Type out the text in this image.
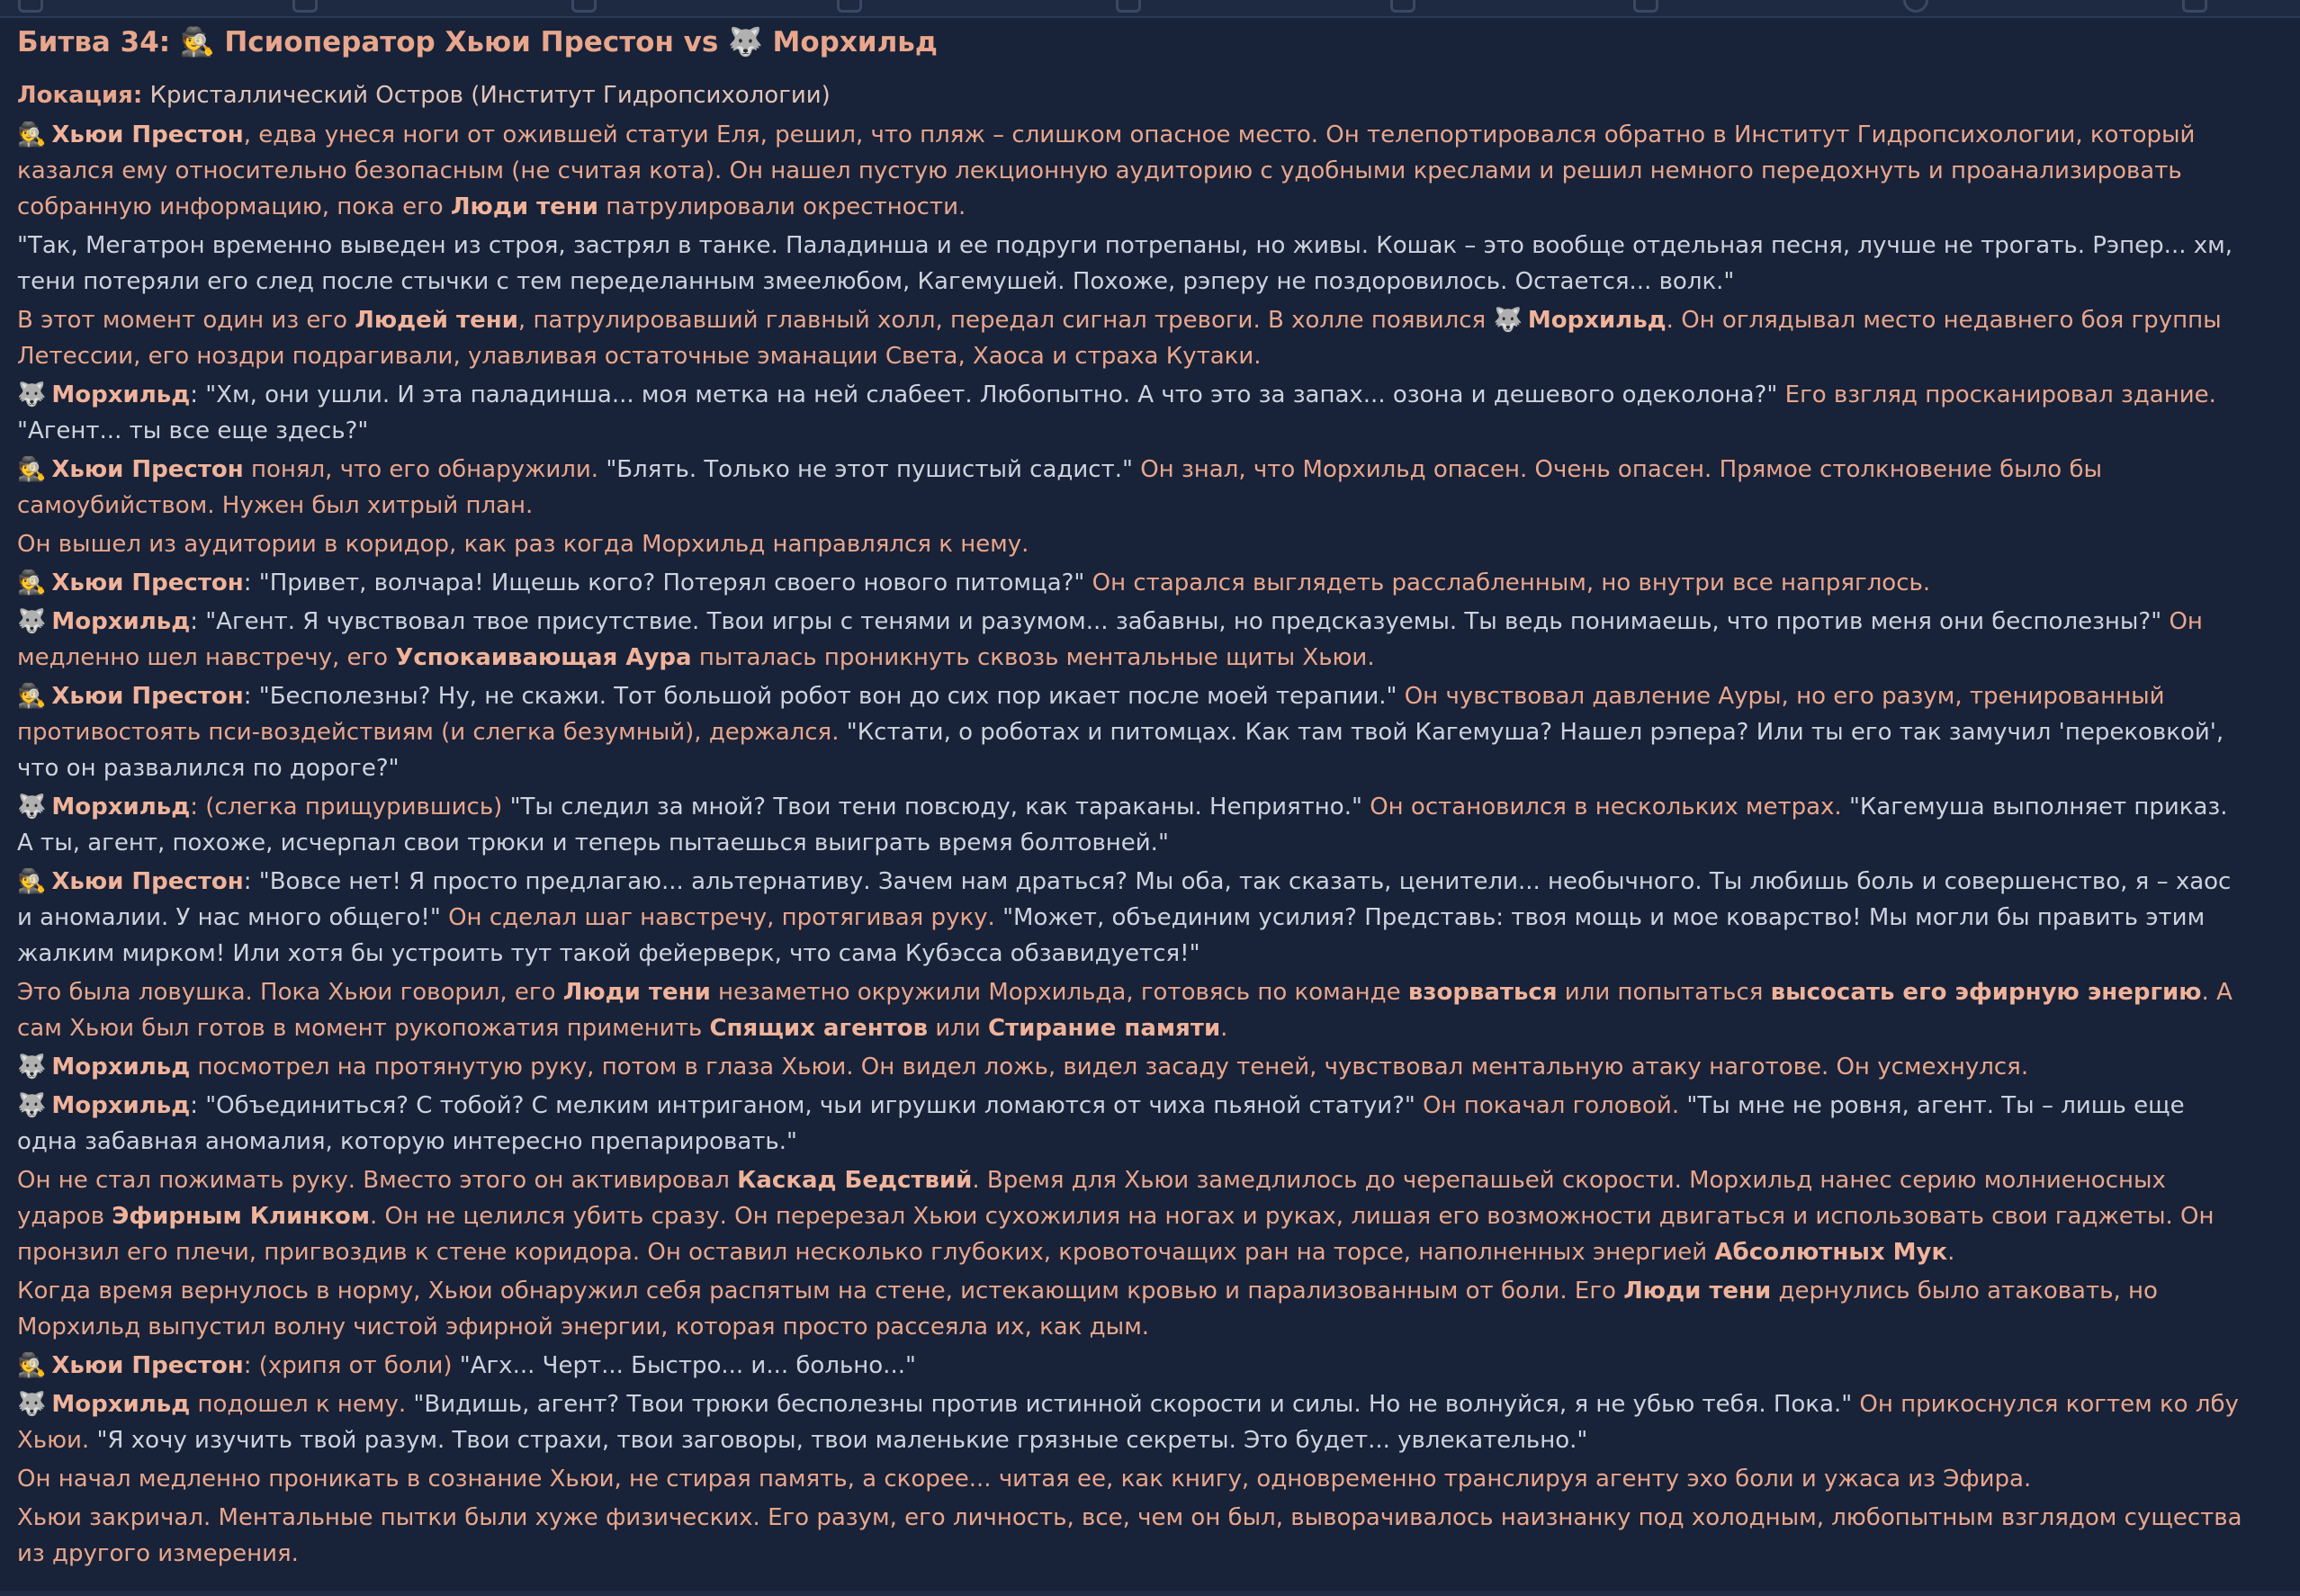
Битва 34: 🕵️ Псиоператор Хьюи Престон vs 🐺 Морхильд
Локация: Кристаллический Остров (Институт Гидропсихологии)
🕵️ Хьюи Престон, едва унеся ноги от ожившей статуи Еля, решил, что пляж – слишком опасное место. Он телепортировался обратно в Институт Гидропсихологии, который казался ему относительно безопасным (не считая кота). Он нашел пустую лекционную аудиторию с удобными креслами и решил немного передохнуть и проанализировать собранную информацию, пока его Люди тени патрулировали окрестности.
"Так, Мегатрон временно выведен из строя, застрял в танке. Паладинша и ее подруги потрепаны, но живы. Кошак – это вообще отдельная песня, лучше не трогать. Рэпер... хм, тени потеряли его след после стычки с тем переделанным змеелюбом, Кагемушей. Похоже, рэперу не поздоровилось. Остается... волк."
В этот момент один из его Людей тени, патрулировавший главный холл, передал сигнал тревоги. В холле появился 🐺 Морхильд. Он оглядывал место недавнего боя группы Летессии, его ноздри подрагивали, улавливая остаточные эманации Света, Хаоса и страха Кутаки.
🐺 Морхильд: "Хм, они ушли. И эта паладинша... моя метка на ней слабеет. Любопытно. А что это за запах... озона и дешевого одеколона?" Его взгляд просканировал здание. "Агент... ты все еще здесь?"
🕵️ Хьюи Престон понял, что его обнаружили. "Блять. Только не этот пушистый садист." Он знал, что Морхильд опасен. Очень опасен. Прямое столкновение было бы самоубийством. Нужен был хитрый план.
Он вышел из аудитории в коридор, как раз когда Морхильд направлялся к нему.
🕵️ Хьюи Престон: "Привет, волчара! Ищешь кого? Потерял своего нового питомца?" Он старался выглядеть расслабленным, но внутри все напряглось.
🐺 Морхильд: "Агент. Я чувствовал твое присутствие. Твои игры с тенями и разумом... забавны, но предсказуемы. Ты ведь понимаешь, что против меня они бесполезны?" Он медленно шел навстречу, его Успокаивающая Аура пыталась проникнуть сквозь ментальные щиты Хьюи.
🕵️ Хьюи Престон: "Бесполезны? Ну, не скажи. Тот большой робот вон до сих пор икает после моей терапии." Он чувствовал давление Ауры, но его разум, тренированный противостоять пси-воздействиям (и слегка безумный), держался. "Кстати, о роботах и питомцах. Как там твой Кагемуша? Нашел рэпера? Или ты его так замучил 'перековкой', что он развалился по дороге?"
🐺 Морхильд: (слегка прищурившись) "Ты следил за мной? Твои тени повсюду, как тараканы. Неприятно." Он остановился в нескольких метрах. "Кагемуша выполняет приказ. А ты, агент, похоже, исчерпал свои трюки и теперь пытаешься выиграть время болтовней."
🕵️ Хьюи Престон: "Вовсе нет! Я просто предлагаю... альтернативу. Зачем нам драться? Мы оба, так сказать, ценители... необычного. Ты любишь боль и совершенство, я – хаос и аномалии. У нас много общего!" Он сделал шаг навстречу, протягивая руку. "Может, объединим усилия? Представь: твоя мощь и мое коварство! Мы могли бы править этим жалким мирком! Или хотя бы устроить тут такой фейерверк, что сама Кубэсса обзавидуется!"
Это была ловушка. Пока Хьюи говорил, его Люди тени незаметно окружили Морхильда, готовясь по команде взорваться или попытаться высосать его эфирную энергию. А сам Хьюи был готов в момент рукопожатия применить Спящих агентов или Стирание памяти.
🐺 Морхильд посмотрел на протянутую руку, потом в глаза Хьюи. Он видел ложь, видел засаду теней, чувствовал ментальную атаку наготове. Он усмехнулся.
🐺 Морхильд: "Объединиться? С тобой? С мелким интриганом, чьи игрушки ломаются от чиха пьяной статуи?" Он покачал головой. "Ты мне не ровня, агент. Ты – лишь еще одна забавная аномалия, которую интересно препарировать."
Он не стал пожимать руку. Вместо этого он активировал Каскад Бедствий. Время для Хьюи замедлилось до черепашьей скорости. Морхильд нанес серию молниеносных ударов Эфирным Клинком. Он не целился убить сразу. Он перерезал Хьюи сухожилия на ногах и руках, лишая его возможности двигаться и использовать свои гаджеты. Он пронзил его плечи, пригвоздив к стене коридора. Он оставил несколько глубоких, кровоточащих ран на торсе, наполненных энергией Абсолютных Мук.
Когда время вернулось в норму, Хьюи обнаружил себя распятым на стене, истекающим кровью и парализованным от боли. Его Люди тени дернулись было атаковать, но Морхильд выпустил волну чистой эфирной энергии, которая просто рассеяла их, как дым.
🕵️ Хьюи Престон: (хрипя от боли) "Агх... Черт... Быстро... и... больно..."
🐺 Морхильд подошел к нему. "Видишь, агент? Твои трюки бесполезны против истинной скорости и силы. Но не волнуйся, я не убью тебя. Пока." Он прикоснулся когтем ко лбу Хьюи. "Я хочу изучить твой разум. Твои страхи, твои заговоры, твои маленькие грязные секреты. Это будет... увлекательно."
Он начал медленно проникать в сознание Хьюи, не стирая память, а скорее... читая ее, как книгу, одновременно транслируя агенту эхо боли и ужаса из Эфира.
Хьюи закричал. Ментальные пытки были хуже физических. Его разум, его личность, все, чем он был, выворачивалось наизнанку под холодным, любопытным взглядом существа из другого измерения.
